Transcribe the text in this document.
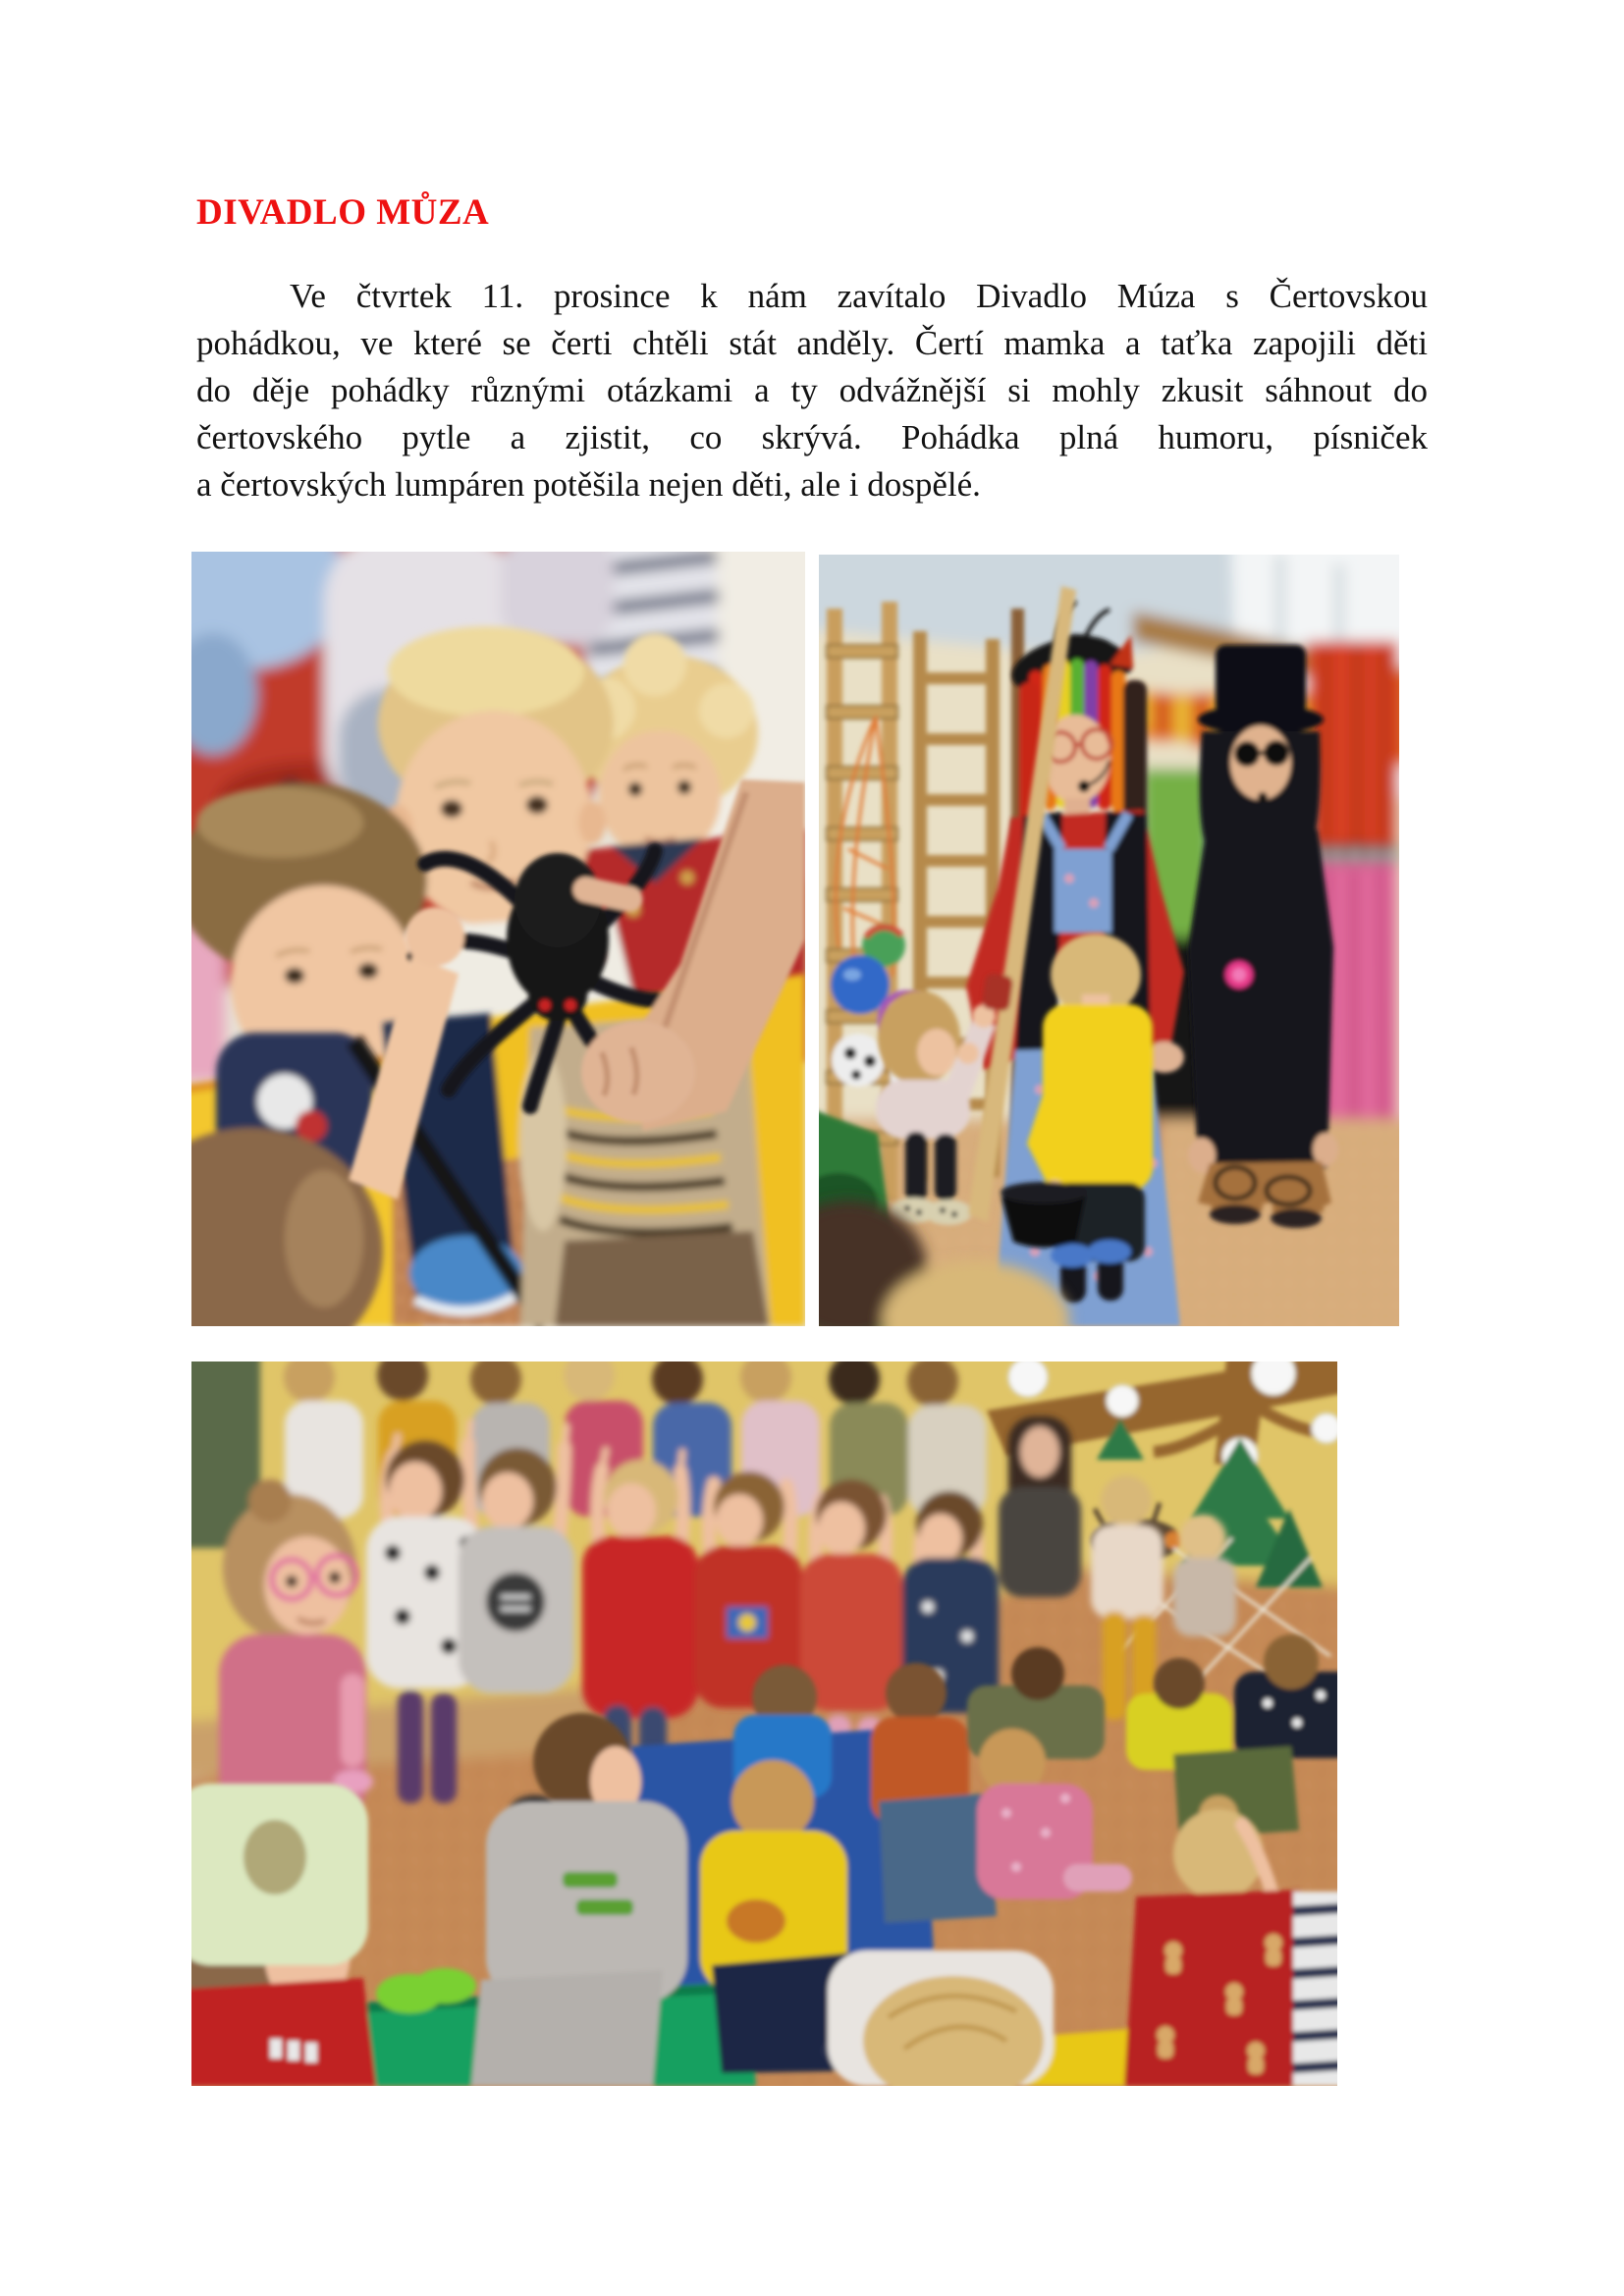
DIVADLO MŮZA
Ve čtvrtek 11. prosince k nám zavítalo Divadlo Múza s Čertovskou
pohádkou, ve které se čerti chtěli stát anděly. Čertí mamka a taťka zapojili děti
do děje pohádky různými otázkami a ty odvážnější si mohly zkusit sáhnout do
čertovského pytle a zjistit, co skrývá. Pohádka plná humoru, písniček
a čertovských lumpáren potěšila nejen děti, ale i dospělé.
